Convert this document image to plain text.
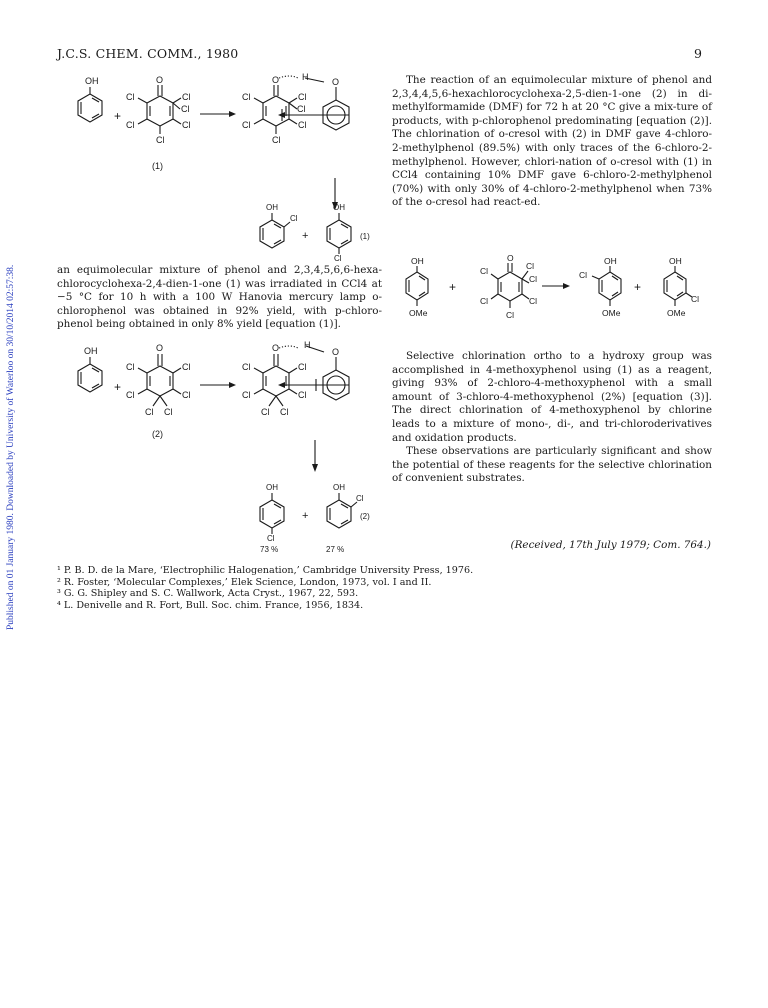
Published on 01 January 1980. Downloaded by University of Waterloo on 30/10/2014 02:57:38.
J.C.S. CHEM. COMM., 1980	9
OH
+
O
Cl
Cl
Cl
Cl
Cl
Cl
(1)
O	H	O
Cl
Cl
Cl
Cl
Cl
Cl
OH
Cl
+
OH
Cl
(1)

an equimolecular mixture of phenol and 2,3,4,5,6,6-hexa-chlorocyclohexa-2,4-dien-1-one (1) was irradiated in CCl4 at −5 °C for 10 h with a 100 W Hanovia mercury lamp o-chlorophenol was obtained in 92% yield, with p-chloro-phenol being obtained in only 8% yield [equation (1)].

OH
+
O
Cl
Cl
Cl
Cl
Cl Cl
(2)
O	H
O
Cl
Cl
Cl
Cl
Cl Cl
OH
Cl
+
OH
Cl
(2)
73 %	27 %

The reaction of an equimolecular mixture of phenol and 2,3,4,4,5,6-hexachlorocyclohexa-2,5-dien-1-one (2) in di-methylformamide (DMF) for 72 h at 20 °C give a mix-ture of products, with p-chlorophenol predominating [equation (2)]. The chlorination of o-cresol with (2) in DMF gave 4-chloro-2-methylphenol (89.5%) with only traces of the 6-chloro-2-methylphenol. However, chlori-nation of o-cresol with (1) in CCl4 containing 10% DMF gave 6-chloro-2-methylphenol (70%) with only 30% of 4-chloro-2-methylphenol when 73% of the o-cresol had react-ed.

OH
OMe
+
O
Cl
Cl
Cl
Cl
Cl
Cl
Cl
OH
OMe
+
OH
Cl
OMe

Selective chlorination ortho to a hydroxy group was accomplished in 4-methoxyphenol using (1) as a reagent, giving 93% of 2-chloro-4-methoxyphenol with a small amount of 3-chloro-4-methoxyphenol (2%) [equation (3)]. The direct chlorination of 4-methoxyphenol by chlorine leads to a mixture of mono-, di-, and tri-chloroderivatives and oxidation products.

These observations are particularly significant and show the potential of these reagents for the selective chlorination of convenient substrates.

(Received, 17th July 1979; Com. 764.)
¹ P. B. D. de la Mare, ‘Electrophilic Halogenation,’ Cambridge University Press, 1976.
² R. Foster, ‘Molecular Complexes,’ Elek Science, London, 1973, vol. I and II.
³ G. G. Shipley and S. C. Wallwork, Acta Cryst., 1967, 22, 593.
⁴ L. Denivelle and R. Fort, Bull. Soc. chim. France, 1956, 1834.
